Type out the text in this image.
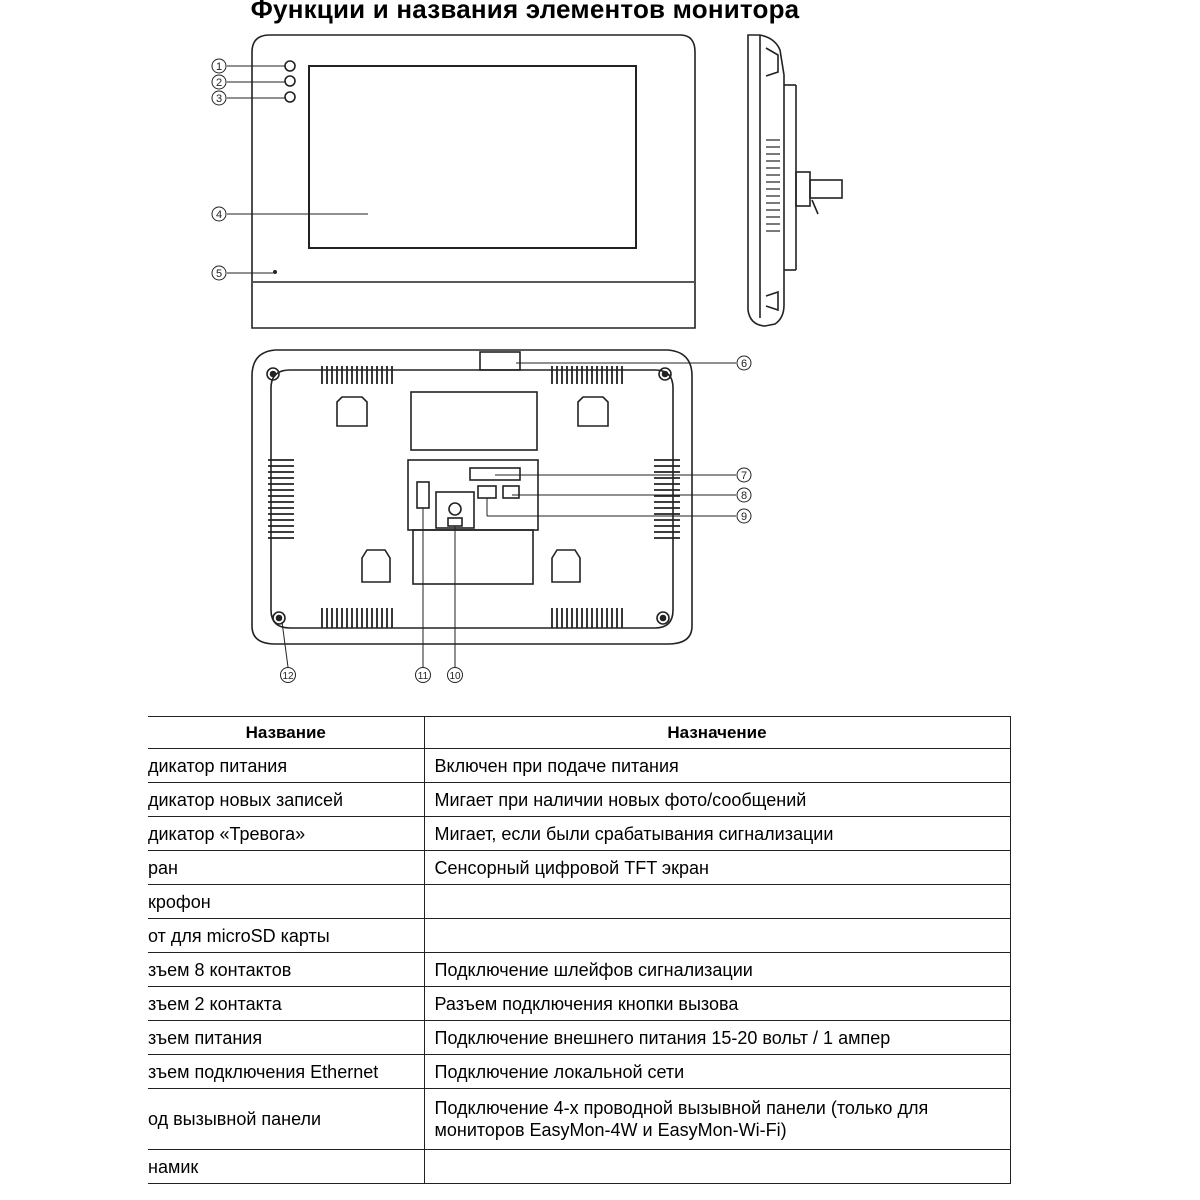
Функции и названия элементов монитора
1
2
3
4
5
6
7
8
9
10
11
12
Название	Назначение
дикатор питания	Включен при подаче питания
дикатор новых записей	Мигает при наличии новых фото/сообщений
дикатор «Тревога»	Мигает, если были срабатывания сигнализации
ран	Сенсорный цифровой TFT экран
крофон	
от для microSD карты	
зъем 8 контактов	Подключение шлейфов сигнализации
зъем 2 контакта	Разъем подключения кнопки вызова
зъем питания	Подключение внешнего питания 15-20 вольт / 1 ампер
зъем подключения Ethernet	Подключение локальной сети
од вызывной панели	Подключение 4-х проводной вызывной панели (только для мониторов EasyMon-4W и EasyMon-Wi-Fi)
намик	
